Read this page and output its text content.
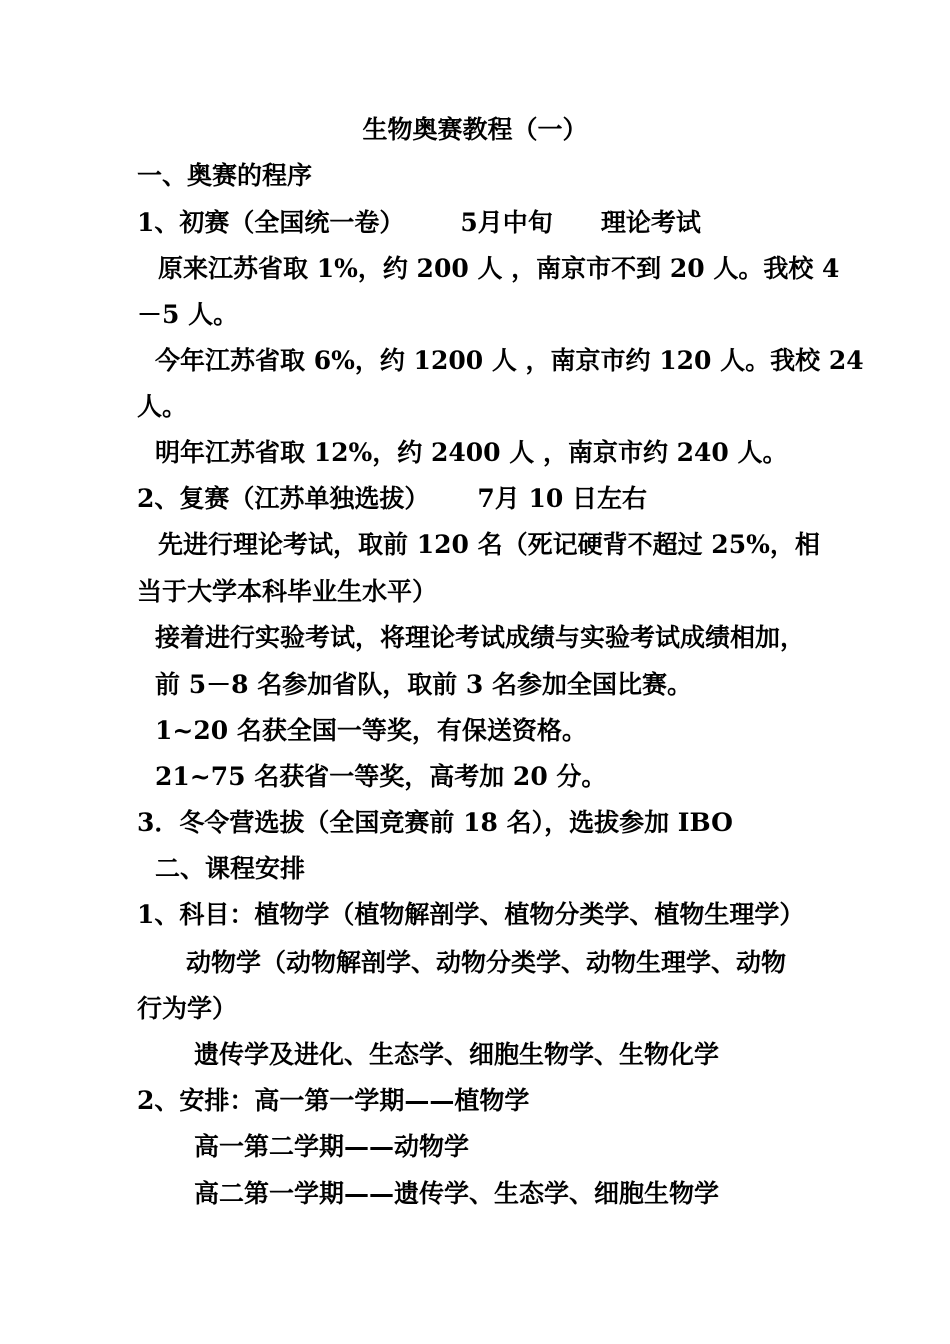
生物奥赛教程（一）
一、奥赛的程序
1、初赛（全国统一卷） 5月中旬 理论考试
原来江苏省取 1%，约 200 人 ，南京市不到 20 人。我校 4
－5 人。
今年江苏省取 6%，约 1200 人 ，南京市约 120 人。我校 24
人。
明年江苏省取 12%，约 2400 人 ，南京市约 240 人。
2、复赛（江苏单独选拔） 7月 10 日左右
先进行理论考试，取前 120 名（死记硬背不超过 25%，相
当于大学本科毕业生水平）
接着进行实验考试，将理论考试成绩与实验考试成绩相加，
前 5－8 名参加省队，取前 3 名参加全国比赛。
1~20 名获全国一等奖，有保送资格。
21~75 名获省一等奖，高考加 20 分。
3．冬令营选拔（全国竞赛前 18 名），选拔参加 IBO
二、课程安排
1、科目：植物学（植物解剖学、植物分类学、植物生理学）
动物学（动物解剖学、动物分类学、动物生理学、动物
行为学）
遗传学及进化、生态学、细胞生物学、生物化学
2、安排：高一第一学期——植物学
高一第二学期——动物学
高二第一学期——遗传学、生态学、细胞生物学
